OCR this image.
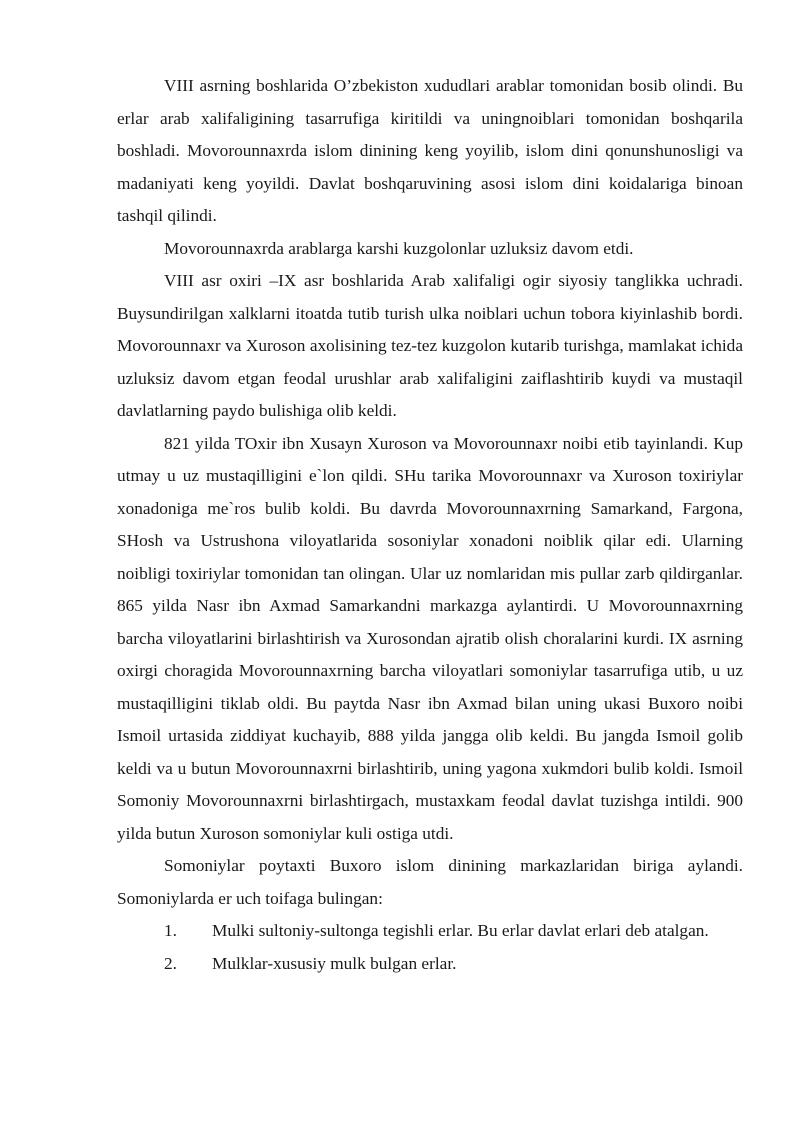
VIII asrning boshlarida O’zbekiston xududlari arablar tomonidan bosib olindi. Bu erlar arab xalifaligining tasarrufiga kiritildi va uningnoiblari tomonidan boshqarila boshladi. Movorounnaxrda islom dinining keng yoyilib, islom dini qonunshunosligi va madaniyati keng yoyildi. Davlat boshqaruvining asosi islom dini koidalariga binoan tashqil qilindi.

Movorounnaxrda arablarga karshi kuzgolonlar uzluksiz davom etdi.

VIII asr oxiri –IX asr boshlarida Arab xalifaligi ogir siyosiy tanglikka uchradi. Buysundirilgan xalklarni itoatda tutib turish ulka noiblari uchun tobora kiyinlashib bordi. Movorounnaxr va Xuroson axolisining tez-tez kuzgolon kutarib turishga, mamlakat ichida uzluksiz davom etgan feodal urushlar arab xalifaligini zaiflashtirib kuydi va mustaqil davlatlarning paydo bulishiga olib keldi.

821 yilda TOxir ibn Xusayn Xuroson va Movorounnaxr noibi etib tayinlandi. Kup utmay u uz mustaqilligini e`lon qildi. SHu tarika Movorounnaxr va Xuroson toxiriylar xonadoniga me`ros bulib koldi. Bu davrda Movorounnaxrning Samarkand, Fargona, SHosh va Ustrushona viloyatlarida sosoniylar xonadoni noiblik qilar edi. Ularning noibligi toxiriylar tomonidan tan olingan. Ular uz nomlaridan mis pullar zarb qildirganlar. 865 yilda Nasr ibn Axmad Samarkandni markazga aylantirdi. U Movorounnaxrning barcha viloyatlarini birlashtirish va Xurosondan ajratib olish choralarini kurdi. IX asrning oxirgi choragida Movorounnaxrning barcha viloyatlari somoniylar tasarrufiga utib, u uz mustaqilligini tiklab oldi. Bu paytda Nasr ibn Axmad bilan uning ukasi Buxoro noibi Ismoil urtasida ziddiyat kuchayib, 888 yilda jangga olib keldi. Bu jangda Ismoil golib keldi va u butun Movorounnaxrni birlashtirib, uning yagona xukmdori bulib koldi. Ismoil Somoniy Movorounnaxrni birlashtirgach, mustaxkam feodal davlat tuzishga intildi. 900 yilda butun Xuroson somoniylar kuli ostiga utdi.

Somoniylar poytaxti Buxoro islom dinining markazlaridan biriga aylandi. Somoniylarda er uch toifaga bulingan:

1.	Mulki sultoniy-sultonga tegishli erlar. Bu erlar davlat erlari deb atalgan.
2.	Mulklar-xususiy mulk bulgan erlar.
